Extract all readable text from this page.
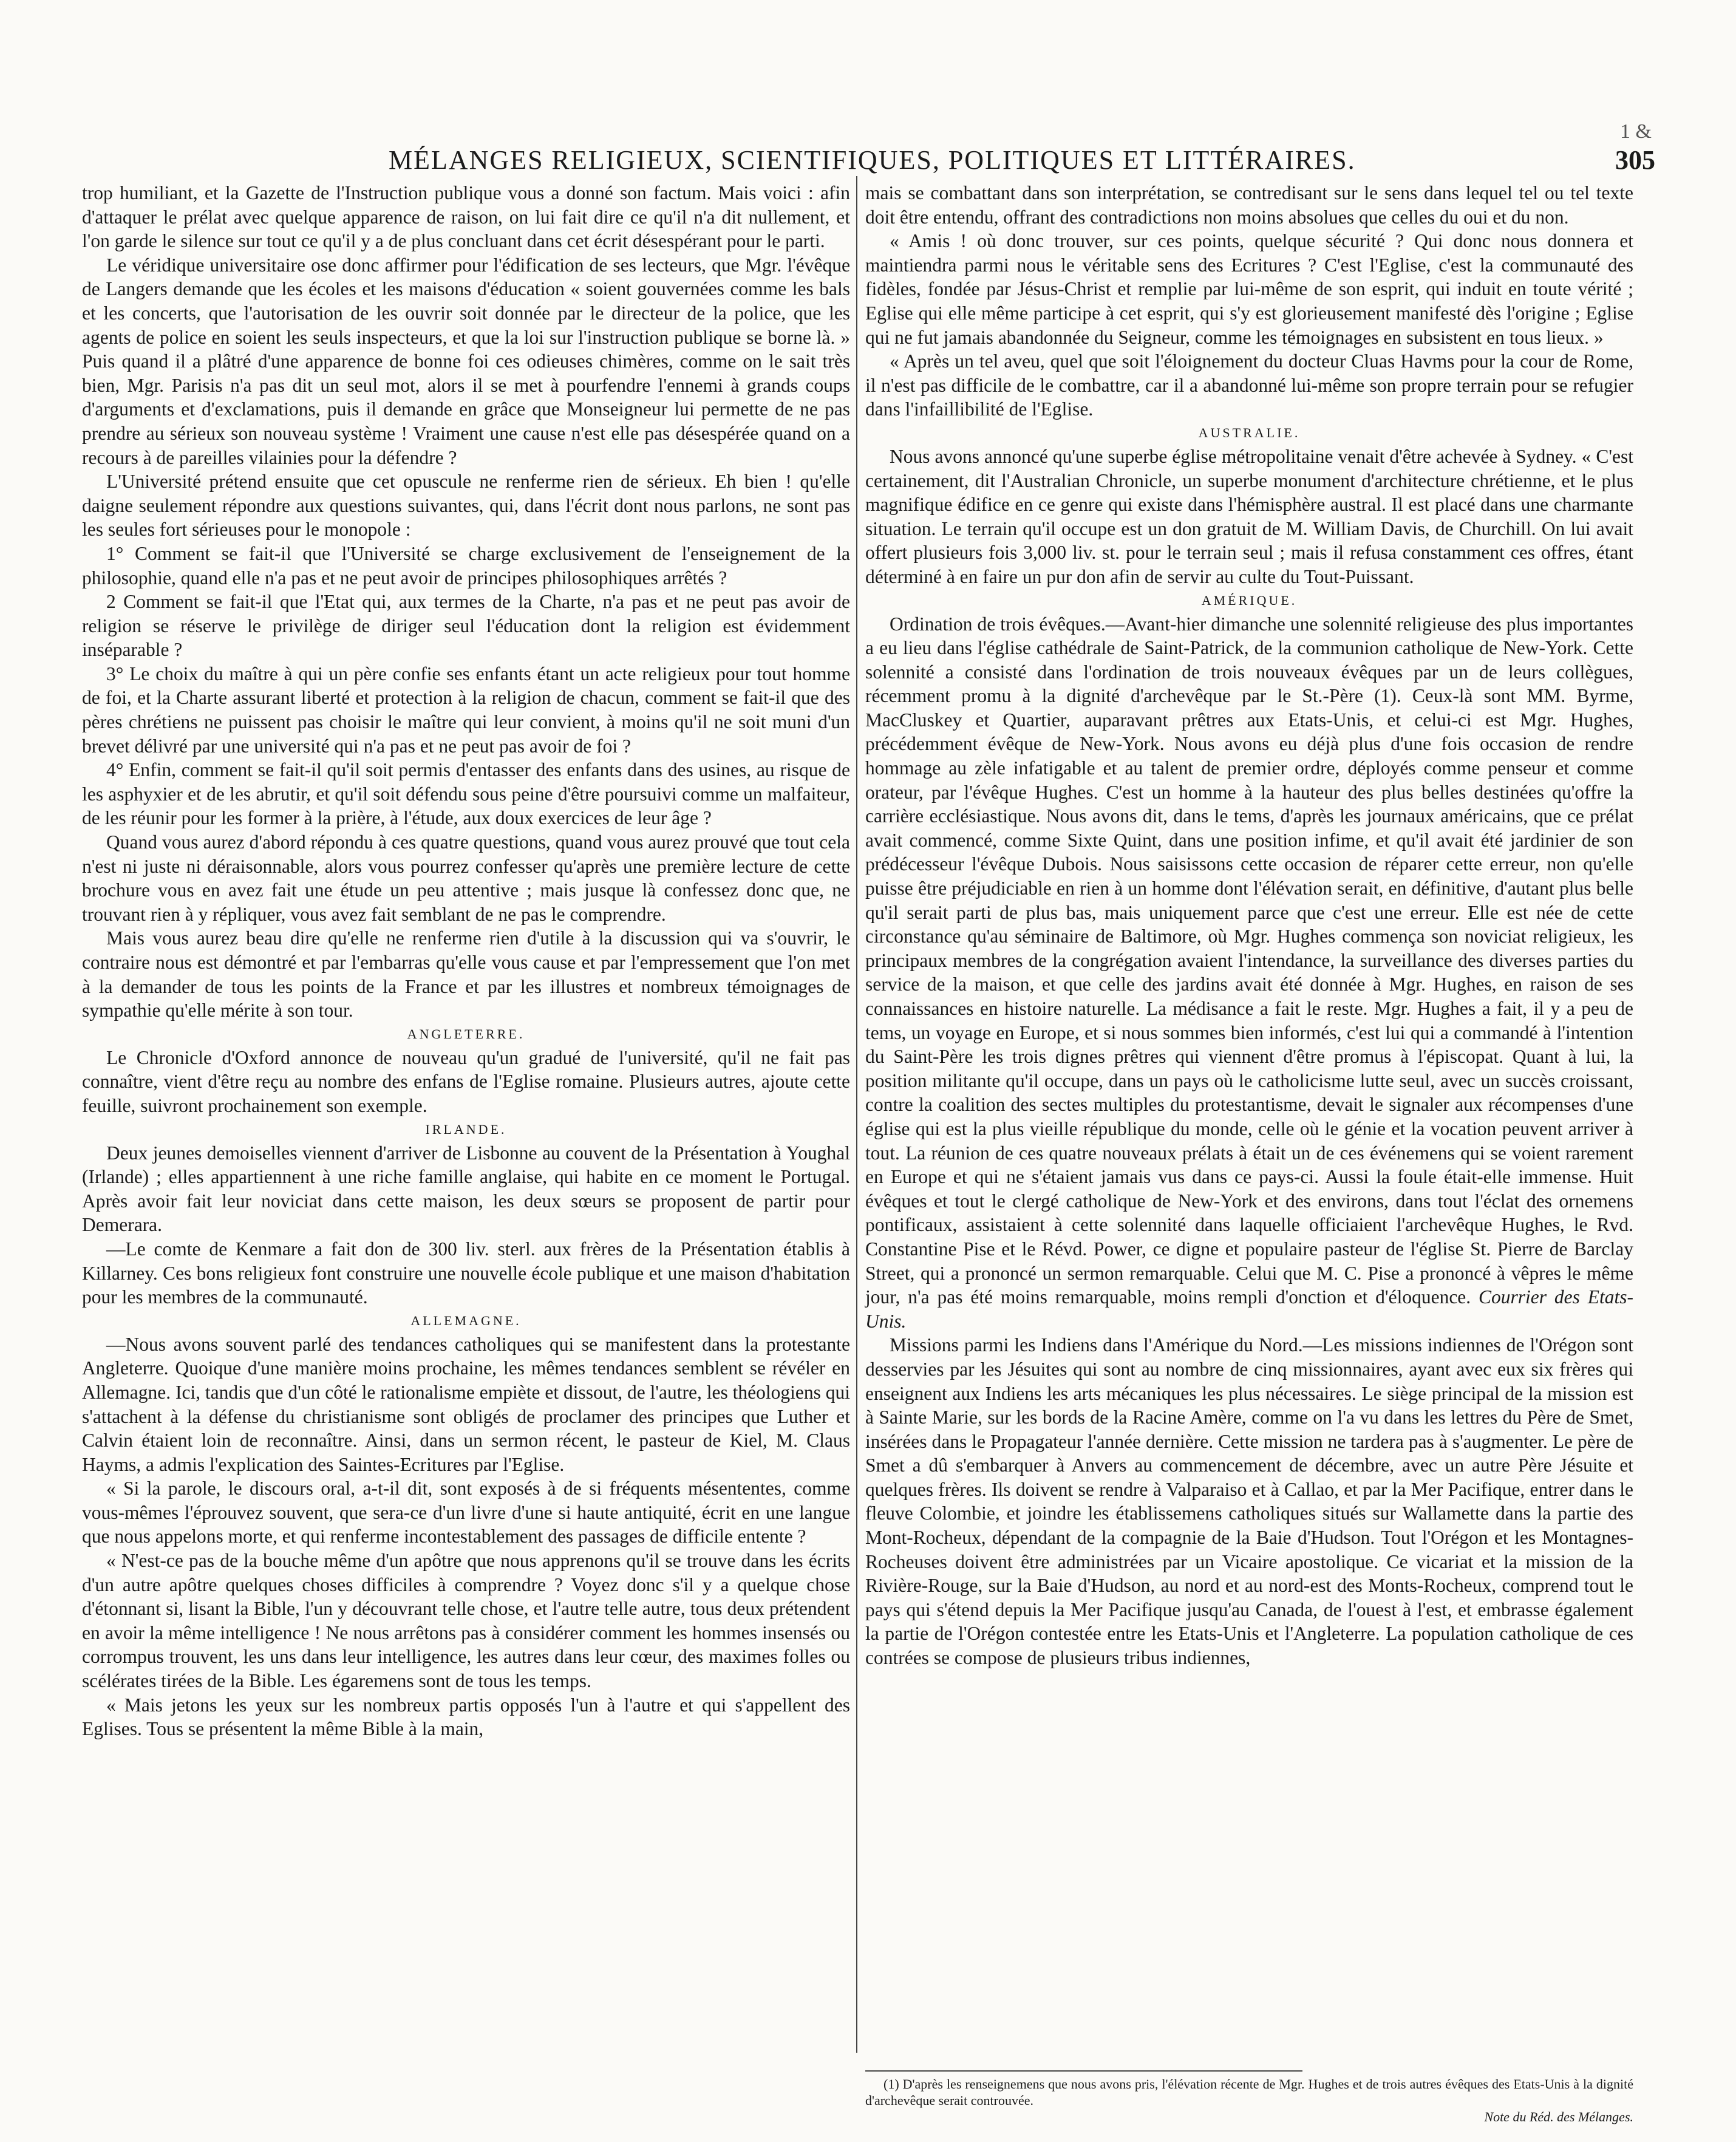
1 &
MÉLANGES RELIGIEUX, SCIENTIFIQUES, POLITIQUES ET LITTÉRAIRES.	305

trop humiliant, et la Gazette de l'Instruction publique vous a donné son factum. Mais voici : afin d'attaquer le prélat avec quelque apparence de raison, on lui fait dire ce qu'il n'a dit nullement, et l'on garde le silence sur tout ce qu'il y a de plus concluant dans cet écrit désespérant pour le parti.

Le véridique universitaire ose donc affirmer pour l'édification de ses lecteurs, que Mgr. l'évêque de Langers demande que les écoles et les maisons d'éducation « soient gouvernées comme les bals et les concerts, que l'autorisation de les ouvrir soit donnée par le directeur de la police, que les agents de police en soient les seuls inspecteurs, et que la loi sur l'instruction publique se borne là. » Puis quand il a plâtré d'une apparence de bonne foi ces odieuses chimères, comme on le sait très bien, Mgr. Parisis n'a pas dit un seul mot, alors il se met à pourfendre l'ennemi à grands coups d'arguments et d'exclamations, puis il demande en grâce que Monseigneur lui permette de ne pas prendre au sérieux son nouveau système ! Vraiment une cause n'est elle pas désespérée quand on a recours à de pareilles vilainies pour la défendre ?

L'Université prétend ensuite que cet opuscule ne renferme rien de sérieux. Eh bien ! qu'elle daigne seulement répondre aux questions suivantes, qui, dans l'écrit dont nous parlons, ne sont pas les seules fort sérieuses pour le monopole :

1° Comment se fait-il que l'Université se charge exclusivement de l'enseignement de la philosophie, quand elle n'a pas et ne peut avoir de principes philosophiques arrêtés ?

2 Comment se fait-il que l'Etat qui, aux termes de la Charte, n'a pas et ne peut pas avoir de religion se réserve le privilège de diriger seul l'éducation dont la religion est évidemment inséparable ?

3° Le choix du maître à qui un père confie ses enfants étant un acte religieux pour tout homme de foi, et la Charte assurant liberté et protection à la religion de chacun, comment se fait-il que des pères chrétiens ne puissent pas choisir le maître qui leur convient, à moins qu'il ne soit muni d'un brevet délivré par une université qui n'a pas et ne peut pas avoir de foi ?

4° Enfin, comment se fait-il qu'il soit permis d'entasser des enfants dans des usines, au risque de les asphyxier et de les abrutir, et qu'il soit défendu sous peine d'être poursuivi comme un malfaiteur, de les réunir pour les former à la prière, à l'étude, aux doux exercices de leur âge ?

Quand vous aurez d'abord répondu à ces quatre questions, quand vous aurez prouvé que tout cela n'est ni juste ni déraisonnable, alors vous pourrez confesser qu'après une première lecture de cette brochure vous en avez fait une étude un peu attentive ; mais jusque là confessez donc que, ne trouvant rien à y répliquer, vous avez fait semblant de ne pas le comprendre.

Mais vous aurez beau dire qu'elle ne renferme rien d'utile à la discussion qui va s'ouvrir, le contraire nous est démontré et par l'embarras qu'elle vous cause et par l'empressement que l'on met à la demander de tous les points de la France et par les illustres et nombreux témoignages de sympathie qu'elle mérite à son tour.

ANGLETERRE.

Le Chronicle d'Oxford annonce de nouveau qu'un gradué de l'université, qu'il ne fait pas connaître, vient d'être reçu au nombre des enfans de l'Eglise romaine. Plusieurs autres, ajoute cette feuille, suivront prochainement son exemple.

IRLANDE.

Deux jeunes demoiselles viennent d'arriver de Lisbonne au couvent de la Présentation à Youghal (Irlande) ; elles appartiennent à une riche famille anglaise, qui habite en ce moment le Portugal. Après avoir fait leur noviciat dans cette maison, les deux sœurs se proposent de partir pour Demerara.

—Le comte de Kenmare a fait don de 300 liv. sterl. aux frères de la Présentation établis à Killarney. Ces bons religieux font construire une nouvelle école publique et une maison d'habitation pour les membres de la communauté.

ALLEMAGNE.

—Nous avons souvent parlé des tendances catholiques qui se manifestent dans la protestante Angleterre. Quoique d'une manière moins prochaine, les mêmes tendances semblent se révéler en Allemagne. Ici, tandis que d'un côté le rationalisme empiète et dissout, de l'autre, les théologiens qui s'attachent à la défense du christianisme sont obligés de proclamer des principes que Luther et Calvin étaient loin de reconnaître. Ainsi, dans un sermon récent, le pasteur de Kiel, M. Claus Hayms, a admis l'explication des Saintes-Ecritures par l'Eglise.

« Si la parole, le discours oral, a-t-il dit, sont exposés à de si fréquents mésententes, comme vous-mêmes l'éprouvez souvent, que sera-ce d'un livre d'une si haute antiquité, écrit en une langue que nous appelons morte, et qui renferme incontestablement des passages de difficile entente ?

« N'est-ce pas de la bouche même d'un apôtre que nous apprenons qu'il se trouve dans les écrits d'un autre apôtre quelques choses difficiles à comprendre ? Voyez donc s'il y a quelque chose d'étonnant si, lisant la Bible, l'un y découvrant telle chose, et l'autre telle autre, tous deux prétendent en avoir la même intelligence ! Ne nous arrêtons pas à considérer comment les hommes insensés ou corrompus trouvent, les uns dans leur intelligence, les autres dans leur cœur, des maximes folles ou scélérates tirées de la Bible. Les égaremens sont de tous les temps.

« Mais jetons les yeux sur les nombreux partis opposés l'un à l'autre et qui s'appellent des Eglises. Tous se présentent la même Bible à la main,

mais se combattant dans son interprétation, se contredisant sur le sens dans lequel tel ou tel texte doit être entendu, offrant des contradictions non moins absolues que celles du oui et du non.

« Amis ! où donc trouver, sur ces points, quelque sécurité ? Qui donc nous donnera et maintiendra parmi nous le véritable sens des Ecritures ? C'est l'Eglise, c'est la communauté des fidèles, fondée par Jésus-Christ et remplie par lui-même de son esprit, qui induit en toute vérité ; Eglise qui elle même participe à cet esprit, qui s'y est glorieusement manifesté dès l'origine ; Eglise qui ne fut jamais abandonnée du Seigneur, comme les témoignages en subsistent en tous lieux. »

« Après un tel aveu, quel que soit l'éloignement du docteur Cluas Havms pour la cour de Rome, il n'est pas difficile de le combattre, car il a abandonné lui-même son propre terrain pour se refugier dans l'infaillibilité de l'Eglise.

AUSTRALIE.

Nous avons annoncé qu'une superbe église métropolitaine venait d'être achevée à Sydney. « C'est certainement, dit l'Australian Chronicle, un superbe monument d'architecture chrétienne, et le plus magnifique édifice en ce genre qui existe dans l'hémisphère austral. Il est placé dans une charmante situation. Le terrain qu'il occupe est un don gratuit de M. William Davis, de Churchill. On lui avait offert plusieurs fois 3,000 liv. st. pour le terrain seul ; mais il refusa constamment ces offres, étant déterminé à en faire un pur don afin de servir au culte du Tout-Puissant.

AMÉRIQUE.

Ordination de trois évêques.—Avant-hier dimanche une solennité religieuse des plus importantes a eu lieu dans l'église cathédrale de Saint-Patrick, de la communion catholique de New-York. Cette solennité a consisté dans l'ordination de trois nouveaux évêques par un de leurs collègues, récemment promu à la dignité d'archevêque par le St.-Père (1). Ceux-là sont MM. Byrme, MacCluskey et Quartier, auparavant prêtres aux Etats-Unis, et celui-ci est Mgr. Hughes, précédemment évêque de New-York. Nous avons eu déjà plus d'une fois occasion de rendre hommage au zèle infatigable et au talent de premier ordre, déployés comme penseur et comme orateur, par l'évêque Hughes. C'est un homme à la hauteur des plus belles destinées qu'offre la carrière ecclésiastique. Nous avons dit, dans le tems, d'après les journaux américains, que ce prélat avait commencé, comme Sixte Quint, dans une position infime, et qu'il avait été jardinier de son prédécesseur l'évêque Dubois. Nous saisissons cette occasion de réparer cette erreur, non qu'elle puisse être préjudiciable en rien à un homme dont l'élévation serait, en définitive, d'autant plus belle qu'il serait parti de plus bas, mais uniquement parce que c'est une erreur. Elle est née de cette circonstance qu'au séminaire de Baltimore, où Mgr. Hughes commença son noviciat religieux, les principaux membres de la congrégation avaient l'intendance, la surveillance des diverses parties du service de la maison, et que celle des jardins avait été donnée à Mgr. Hughes, en raison de ses connaissances en histoire naturelle. La médisance a fait le reste. Mgr. Hughes a fait, il y a peu de tems, un voyage en Europe, et si nous sommes bien informés, c'est lui qui a commandé à l'intention du Saint-Père les trois dignes prêtres qui viennent d'être promus à l'épiscopat. Quant à lui, la position militante qu'il occupe, dans un pays où le catholicisme lutte seul, avec un succès croissant, contre la coalition des sectes multiples du protestantisme, devait le signaler aux récompenses d'une église qui est la plus vieille république du monde, celle où le génie et la vocation peuvent arriver à tout. La réunion de ces quatre nouveaux prélats à était un de ces événemens qui se voient rarement en Europe et qui ne s'étaient jamais vus dans ce pays-ci. Aussi la foule était-elle immense. Huit évêques et tout le clergé catholique de New-York et des environs, dans tout l'éclat des ornemens pontificaux, assistaient à cette solennité dans laquelle officiaient l'archevêque Hughes, le Rvd. Constantine Pise et le Révd. Power, ce digne et populaire pasteur de l'église St. Pierre de Barclay Street, qui a prononcé un sermon remarquable. Celui que M. C. Pise a prononcé à vêpres le même jour, n'a pas été moins remarquable, moins rempli d'onction et d'éloquence. Courrier des Etats-Unis.

Missions parmi les Indiens dans l'Amérique du Nord.—Les missions indiennes de l'Orégon sont desservies par les Jésuites qui sont au nombre de cinq missionnaires, ayant avec eux six frères qui enseignent aux Indiens les arts mécaniques les plus nécessaires. Le siège principal de la mission est à Sainte Marie, sur les bords de la Racine Amère, comme on l'a vu dans les lettres du Père de Smet, insérées dans le Propagateur l'année dernière. Cette mission ne tardera pas à s'augmenter. Le père de Smet a dû s'embarquer à Anvers au commencement de décembre, avec un autre Père Jésuite et quelques frères. Ils doivent se rendre à Valparaiso et à Callao, et par la Mer Pacifique, entrer dans le fleuve Colombie, et joindre les établissemens catholiques situés sur Wallamette dans la partie des Mont-Rocheux, dépendant de la compagnie de la Baie d'Hudson. Tout l'Orégon et les Montagnes-Rocheuses doivent être administrées par un Vicaire apostolique. Ce vicariat et la mission de la Rivière-Rouge, sur la Baie d'Hudson, au nord et au nord-est des Monts-Rocheux, comprend tout le pays qui s'étend depuis la Mer Pacifique jusqu'au Canada, de l'ouest à l'est, et embrasse également la partie de l'Orégon contestée entre les Etats-Unis et l'Angleterre. La population catholique de ces contrées se compose de plusieurs tribus indiennes,

(1) D'après les renseignemens que nous avons pris, l'élévation récente de Mgr. Hughes et de trois autres évêques des Etats-Unis à la dignité d'archevêque serait controuvée.

Note du Réd. des Mélanges.
